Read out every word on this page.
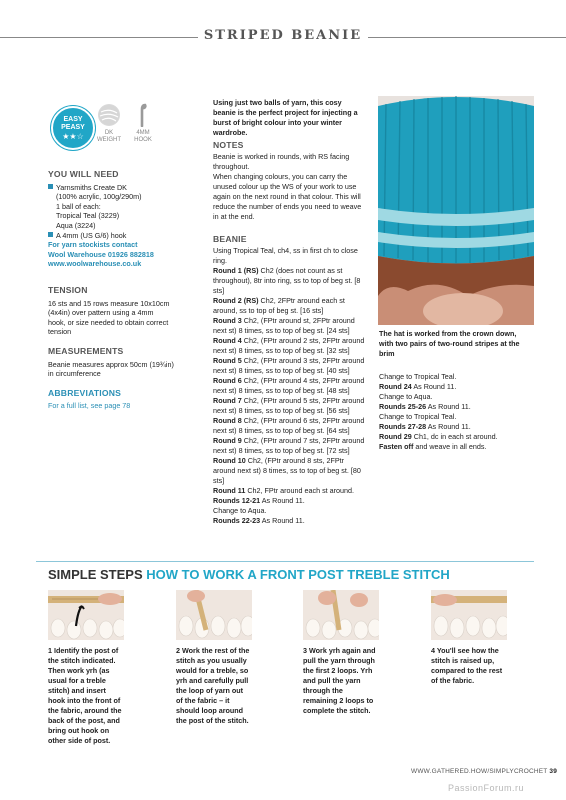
STRIPED BEANIE
EASY
PEASY
★★☆	DK
WEIGHT
4MM
HOOK
YOU WILL NEED
Yarnsmiths Create DK
(100% acrylic, 100g/290m)
1 ball of each:
Tropical Teal (3229)
Aqua (3224)
A 4mm (US G/6) hook
For yarn stockists contact
Wool Warehouse 01926 882818
www.woolwarehouse.co.uk
TENSION
16 sts and 15 rows measure 10x10cm (4x4in) over pattern using a 4mm hook, or size needed to obtain correct tension
MEASUREMENTS
Beanie measures approx 50cm (19¾in) in circumference
ABBREVIATIONS
For a full list, see page 78
Using just two balls of yarn, this cosy beanie is the perfect project for injecting a burst of bright colour into your winter wardrobe.
NOTES
Beanie is worked in rounds, with RS facing throughout.
When changing colours, you can carry the unused colour up the WS of your work to use again on the next round in that colour. This will reduce the number of ends you need to weave in at the end.
BEANIE
Using Tropical Teal, ch4, ss in first ch to close ring.
Round 1 (RS) Ch2 (does not count as st throughout), 8tr into ring, ss to top of beg st. [8 sts]
Round 2 (RS) Ch2, 2FPtr around each st around, ss to top of beg st. [16 sts]
Round 3 Ch2, (FPtr around st, 2FPtr around next st) 8 times, ss to top of beg st. [24 sts]
Round 4 Ch2, (FPtr around 2 sts, 2FPtr around next st) 8 times, ss to top of beg st. [32 sts]
Round 5 Ch2, (FPtr around 3 sts, 2FPtr around next st) 8 times, ss to top of beg st. [40 sts]
Round 6 Ch2, (FPtr around 4 sts, 2FPtr around next st) 8 times, ss to top of beg st. [48 sts]
Round 7 Ch2, (FPtr around 5 sts, 2FPtr around next st) 8 times, ss to top of beg st. [56 sts]
Round 8 Ch2, (FPtr around 6 sts, 2FPtr around next st) 8 times, ss to top of beg st. [64 sts]
Round 9 Ch2, (FPtr around 7 sts, 2FPtr around next st) 8 times, ss to top of beg st. [72 sts]
Round 10 Ch2, (FPtr around 8 sts, 2FPtr around next st) 8 times, ss to top of beg st. [80 sts]
Round 11 Ch2, FPtr around each st around.
Rounds 12-21 As Round 11.
Change to Aqua.
Rounds 22-23 As Round 11.
The hat is worked from the crown down, with two pairs of two-round stripes at the brim
Change to Tropical Teal.
Round 24 As Round 11.
Change to Aqua.
Rounds 25-26 As Round 11.
Change to Tropical Teal.
Rounds 27-28 As Round 11.
Round 29 Ch1, dc in each st around.
Fasten off and weave in all ends.
SIMPLE STEPS HOW TO WORK A FRONT POST TREBLE STITCH
1 Identify the post of the stitch indicated. Then work yrh (as usual for a treble stitch) and insert hook into the front of the fabric, around the back of the post, and bring out hook on other side of post.
2 Work the rest of the stitch as you usually would for a treble, so yrh and carefully pull the loop of yarn out of the fabric – it should loop around the post of the stitch.
3 Work yrh again and pull the yarn through the first 2 loops. Yrh and pull the yarn through the remaining 2 loops to complete the stitch.
4 You'll see how the stitch is raised up, compared to the rest of the fabric.
WWW.GATHERED.HOW/SIMPLYCROCHET 39
PassionForum.ru
